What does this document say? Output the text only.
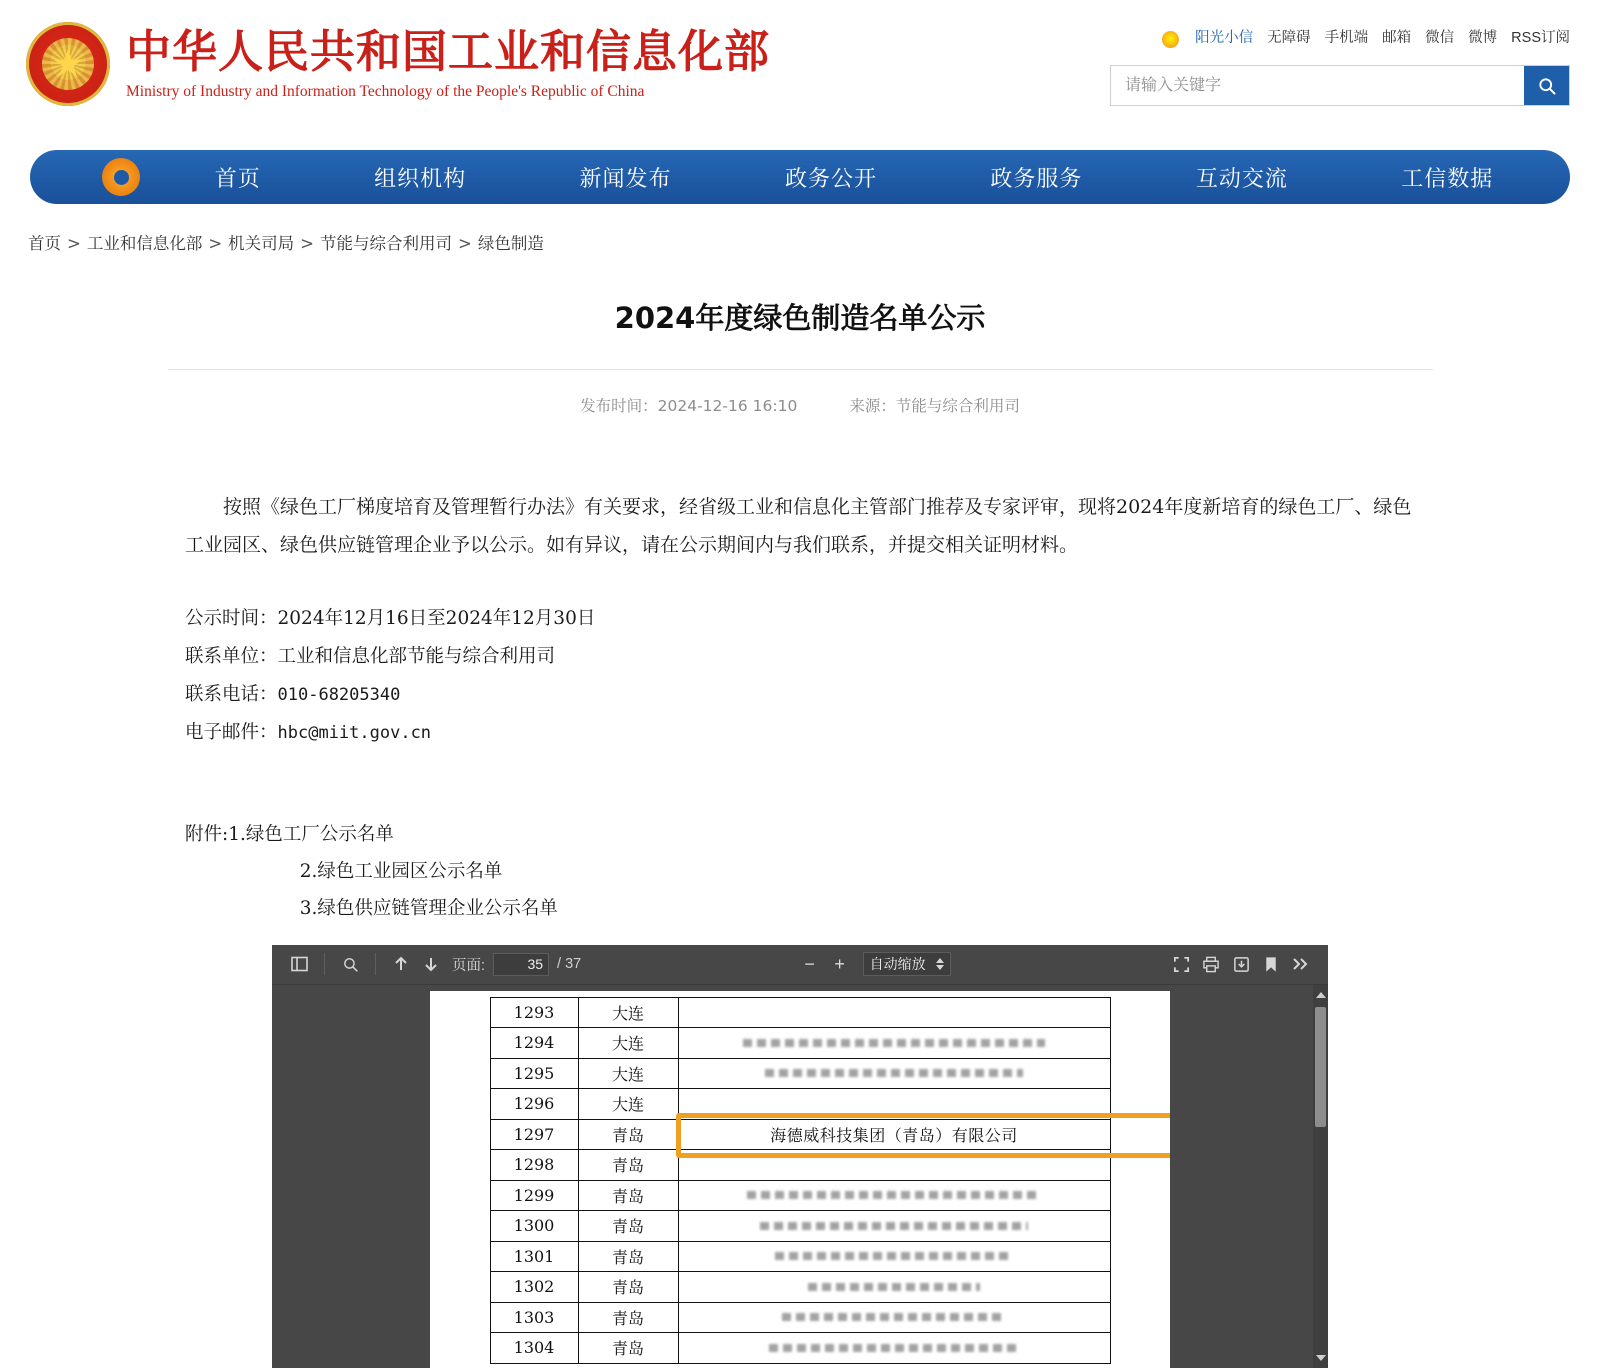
中华人民共和国工业和信息化部
Ministry of Industry and Information Technology of the People's Republic of China
阳光小信 无障碍 手机端 邮箱 微信 微博 RSS订阅
请输入关键字
首页	组织机构	新闻发布	政务公开	政务服务	互动交流	工信数据
首页 > 工业和信息化部 > 机关司局 > 节能与综合利用司 > 绿色制造
2024年度绿色制造名单公示
发布时间：2024-12-16 16:10	来源：节能与综合利用司

按照《绿色工厂梯度培育及管理暂行办法》有关要求，经省级工业和信息化主管部门推荐及专家评审，现将2024年度新培育的绿色工厂、绿色工业园区、绿色供应链管理企业予以公示。如有异议，请在公示期间内与我们联系，并提交相关证明材料。

公示时间：2024年12月16日至2024年12月30日
联系单位：工业和信息化部节能与综合利用司
联系电话：010-68205340
电子邮件：hbc@miit.gov.cn
附件:1.绿色工厂公示名单
2.绿色工业园区公示名单
3.绿色供应链管理企业公示名单
页面:
35	/ 37	−	+	自动缩放
1293	大连	
1294	大连	

1295	大连	

1296	大连	
1297	青岛	海德威科技集团（青岛）有限公司

1298	青岛	
1299	青岛	

1300	青岛	

1301	青岛	

1302	青岛	

1303	青岛	

1304	青岛	
